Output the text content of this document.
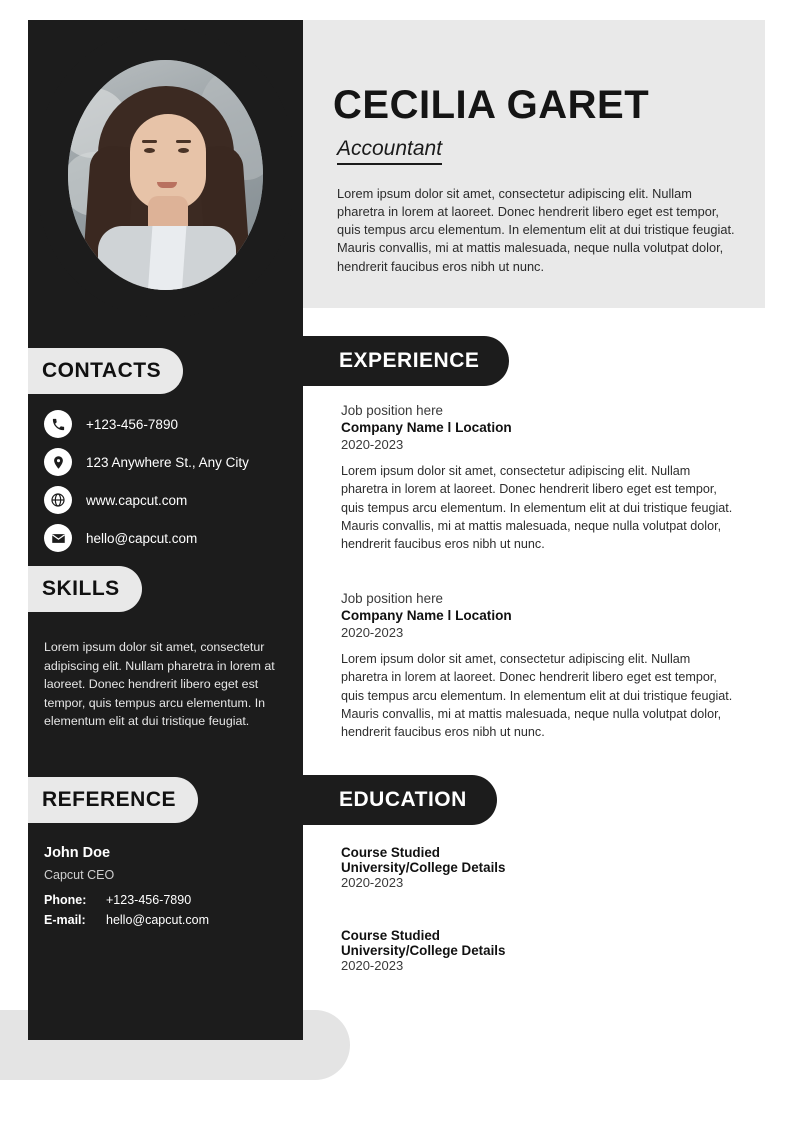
CECILIA GARET
Accountant
Lorem ipsum dolor sit amet, consectetur adipiscing elit. Nullam pharetra in lorem at laoreet. Donec hendrerit libero eget est tempor, quis tempus arcu elementum. In elementum elit at dui tristique feugiat. Mauris convallis, mi at mattis malesuada, neque nulla volutpat dolor, hendrerit faucibus eros nibh ut nunc.
CONTACTS
+123-456-7890
123 Anywhere St., Any City
www.capcut.com
hello@capcut.com
SKILLS
Lorem ipsum dolor sit amet, consectetur adipiscing elit. Nullam pharetra in lorem at laoreet. Donec hendrerit libero eget est tempor, quis tempus arcu elementum. In elementum elit at dui tristique feugiat.
REFERENCE
John Doe
Capcut CEO
Phone:	+123-456-7890
E-mail:	hello@capcut.com
EXPERIENCE
Job position here
Company Name l Location
2020-2023
Lorem ipsum dolor sit amet, consectetur adipiscing elit. Nullam pharetra in lorem at laoreet. Donec hendrerit libero eget est tempor, quis tempus arcu elementum. In elementum elit at dui tristique feugiat. Mauris convallis, mi at mattis malesuada, neque nulla volutpat dolor, hendrerit faucibus eros nibh ut nunc.
Job position here
Company Name l Location
2020-2023
Lorem ipsum dolor sit amet, consectetur adipiscing elit. Nullam pharetra in lorem at laoreet. Donec hendrerit libero eget est tempor, quis tempus arcu elementum. In elementum elit at dui tristique feugiat. Mauris convallis, mi at mattis malesuada, neque nulla volutpat dolor, hendrerit faucibus eros nibh ut nunc.
EDUCATION
Course Studied
University/College Details
2020-2023
Course Studied
University/College Details
2020-2023
